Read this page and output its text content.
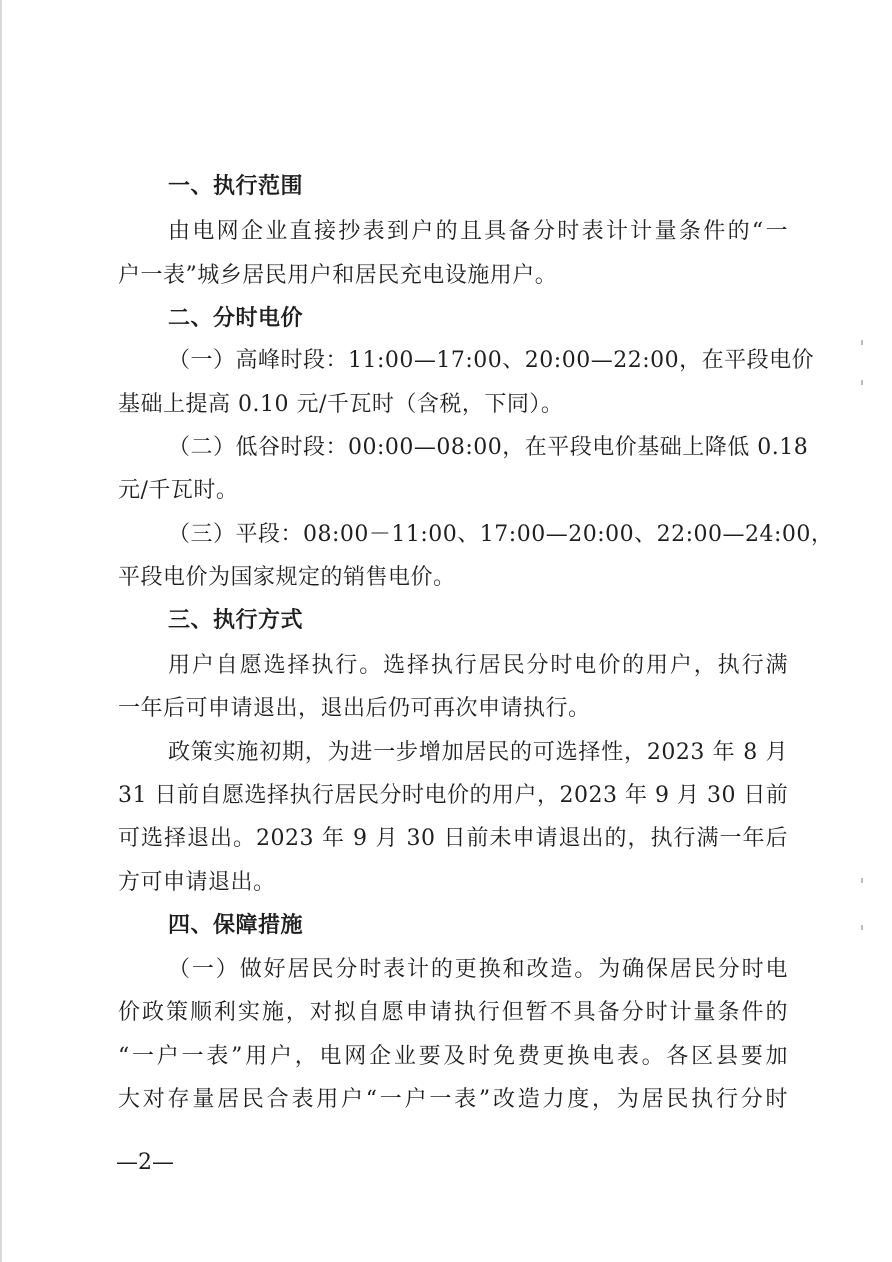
一、执行范围
由电网企业直接抄表到户的且具备分时表计计量条件的“一
户一表”城乡居民用户和居民充电设施用户。
二、分时电价
（一）高峰时段：11:00—17:00、20:00—22:00，在平段电价
基础上提高 0.10 元/千瓦时（含税，下同）。
（二）低谷时段：00:00—08:00，在平段电价基础上降低 0.18
元/千瓦时。
（三）平段：08:00－11:00、17:00—20:00、22:00—24:00，
平段电价为国家规定的销售电价。
三、执行方式
用户自愿选择执行。选择执行居民分时电价的用户，执行满
一年后可申请退出，退出后仍可再次申请执行。
政策实施初期，为进一步增加居民的可选择性，2023 年 8 月
31 日前自愿选择执行居民分时电价的用户，2023 年 9 月 30 日前
可选择退出。2023 年 9 月 30 日前未申请退出的，执行满一年后
方可申请退出。
四、保障措施
（一）做好居民分时表计的更换和改造。为确保居民分时电
价政策顺利实施，对拟自愿申请执行但暂不具备分时计量条件的
“一户一表”用户，电网企业要及时免费更换电表。各区县要加
大对存量居民合表用户“一户一表”改造力度，为居民执行分时
—2—
